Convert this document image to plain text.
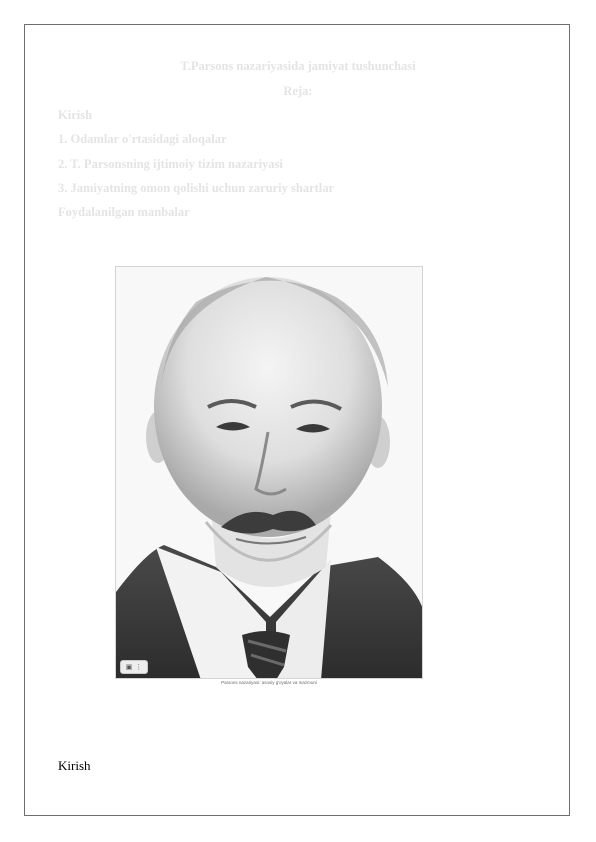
T.Parsons nazariyasida jamiyat tushunchasi
Reja:
Kirish
1. Odamlar o'rtasidagi aloqalar
2. T. Parsonsning ijtimoiy tizim nazariyasi
3. Jamiyatning omon qolishi uchun zaruriy shartlar
Foydalanilgan manbalar
▣ ⋮
Parsons nazariyasi: asosiy g'oyalar va mazmuni
Kirish
